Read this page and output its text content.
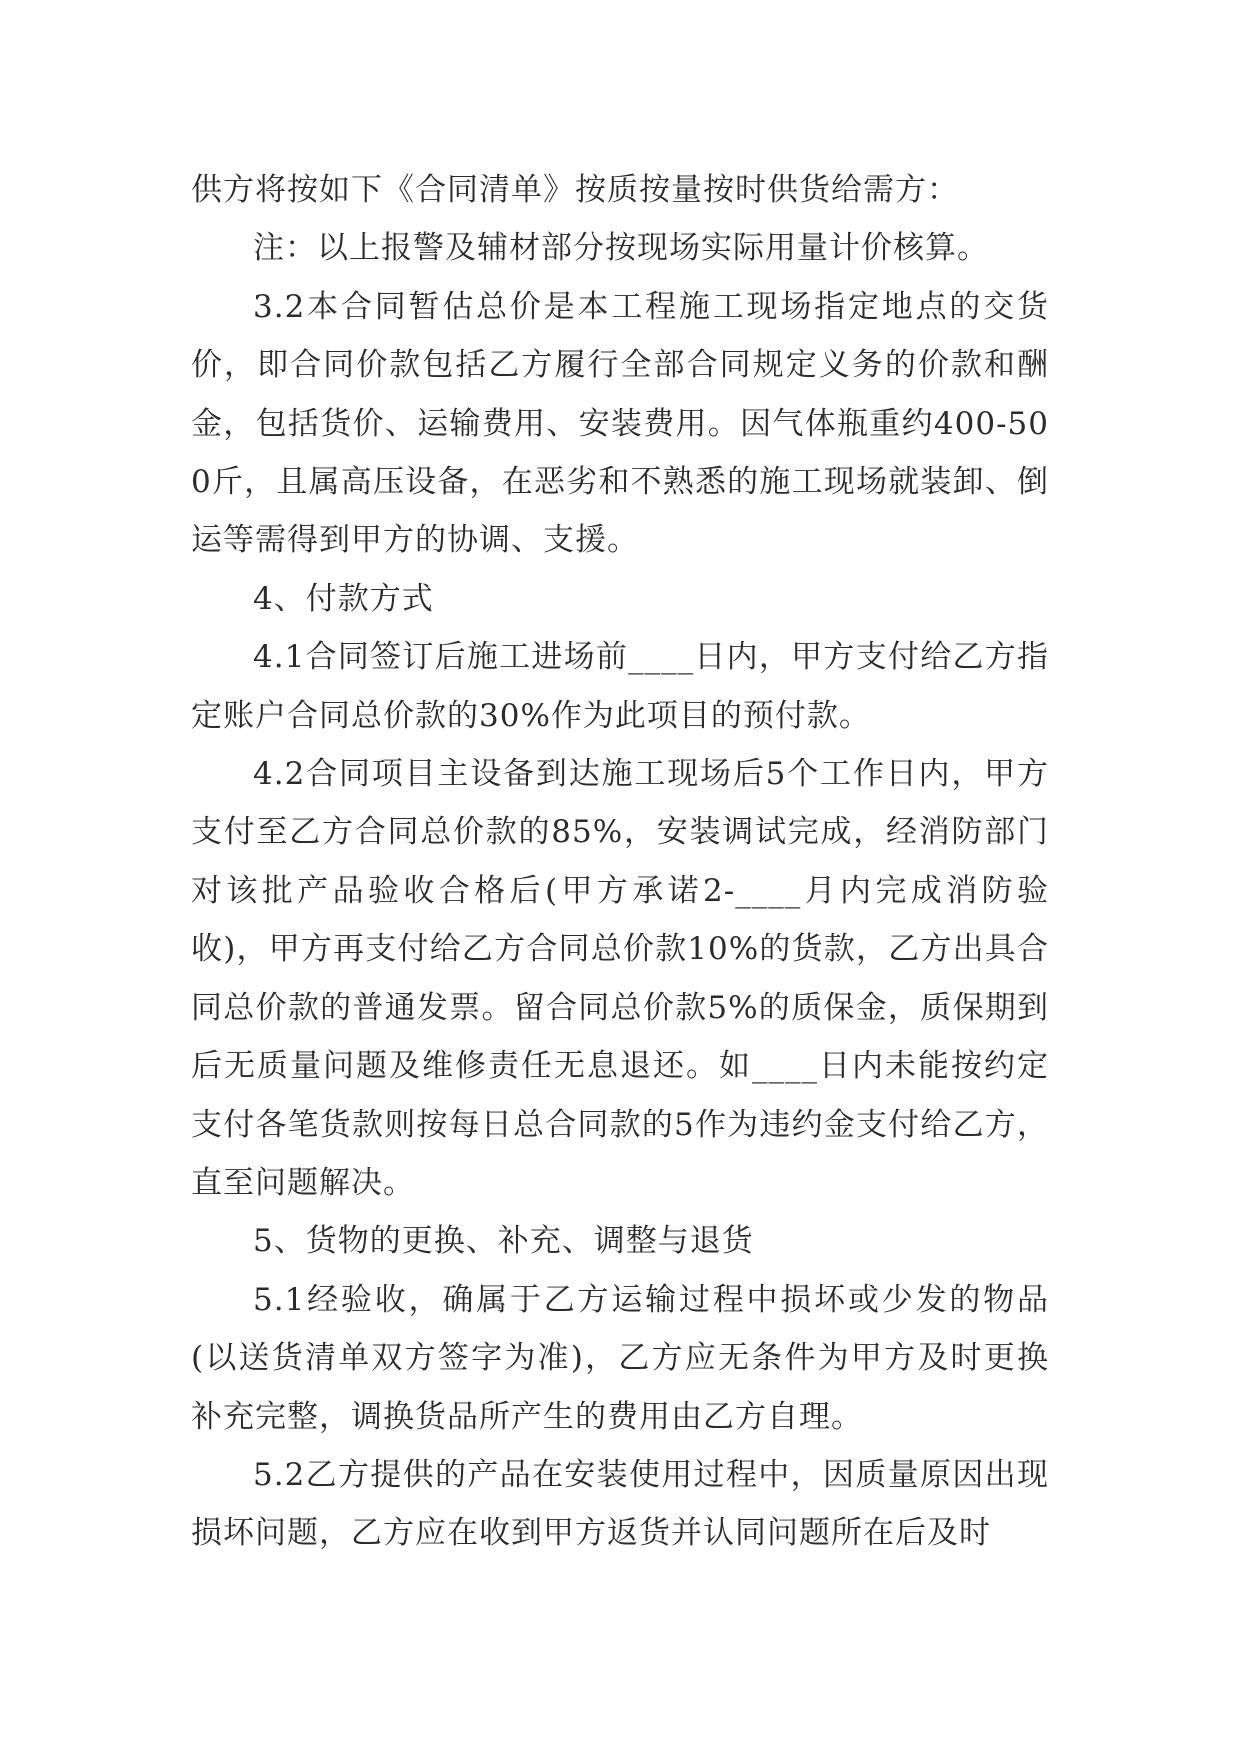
供方将按如下《合同清单》按质按量按时供货给需方：

注：以上报警及辅材部分按现场实际用量计价核算。

3.2本合同暂估总价是本工程施工现场指定地点的交货价，即合同价款包括乙方履行全部合同规定义务的价款和酬金，包括货价、运输费用、安装费用。因气体瓶重约400-500斤，且属高压设备，在恶劣和不熟悉的施工现场就装卸、倒运等需得到甲方的协调、支援。

4、付款方式

4.1合同签订后施工进场前____日内，甲方支付给乙方指定账户合同总价款的30%作为此项目的预付款。

4.2合同项目主设备到达施工现场后5个工作日内，甲方支付至乙方合同总价款的85%，安装调试完成，经消防部门对该批产品验收合格后(甲方承诺2-____月内完成消防验收)，甲方再支付给乙方合同总价款10%的货款，乙方出具合同总价款的普通发票。留合同总价款5%的质保金，质保期到后无质量问题及维修责任无息退还。如____日内未能按约定支付各笔货款则按每日总合同款的5作为违约金支付给乙方，直至问题解决。

5、货物的更换、补充、调整与退货

5.1经验收，确属于乙方运输过程中损坏或少发的物品(以送货清单双方签字为准)，乙方应无条件为甲方及时更换补充完整，调换货品所产生的费用由乙方自理。

5.2乙方提供的产品在安装使用过程中，因质量原因出现损坏问题，乙方应在收到甲方返货并认同问题所在后及时
